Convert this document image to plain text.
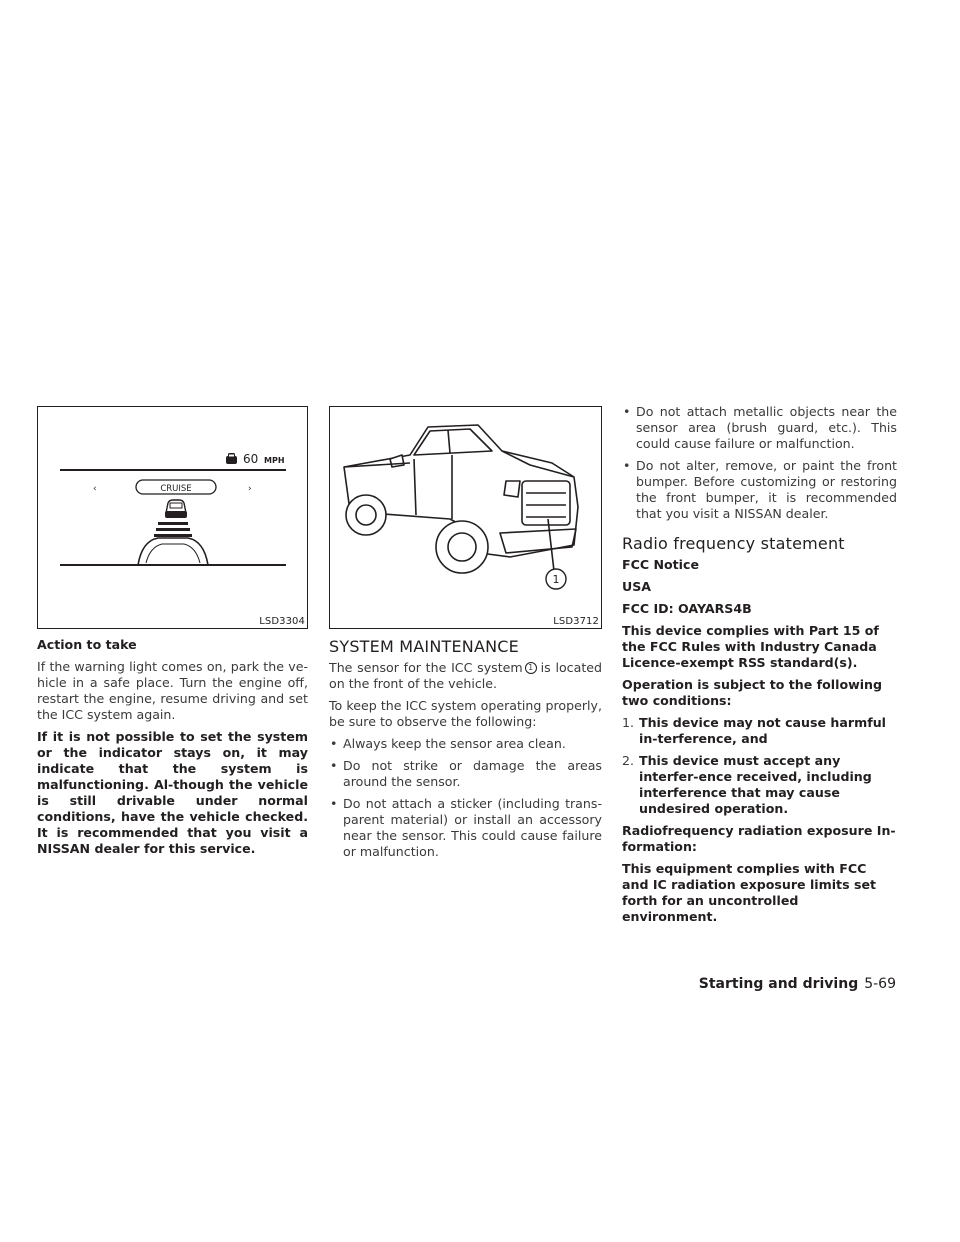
60 MPH
CRUISE
‹	›
LSD3304
Action to take

If the warning light comes on, park the ve-hicle in a safe place. Turn the engine off, restart the engine, resume driving and set the ICC system again.

If it is not possible to set the system or the indicator stays on, it may indicate that the system is malfunctioning. Al-though the vehicle is still drivable under normal conditions, have the vehicle checked. It is recommended that you visit a NISSAN dealer for this service.

1
LSD3712
SYSTEM MAINTENANCE

The sensor for the ICC system 1 is located on the front of the vehicle.

To keep the ICC system operating properly, be sure to observe the following:

• Always keep the sensor area clean.
• Do not strike or damage the areas around the sensor.
• Do not attach a sticker (including trans-parent material) or install an accessory near the sensor. This could cause failure or malfunction.
• Do not attach metallic objects near the sensor area (brush guard, etc.). This could cause failure or malfunction.
• Do not alter, remove, or paint the front bumper. Before customizing or restoring the front bumper, it is recommended that you visit a NISSAN dealer.
Radio frequency statement

FCC Notice

USA

FCC ID: OAYARS4B

This device complies with Part 15 of the FCC Rules with Industry Canada Licence-exempt RSS standard(s).

Operation is subject to the following two conditions:

1. This device may not cause harmful in-terference, and
2. This device must accept any interfer-ence received, including interference that may cause undesired operation.

Radiofrequency radiation exposure In-formation:

This equipment complies with FCC and IC radiation exposure limits set forth for an uncontrolled environment.

Starting and driving 5-69
